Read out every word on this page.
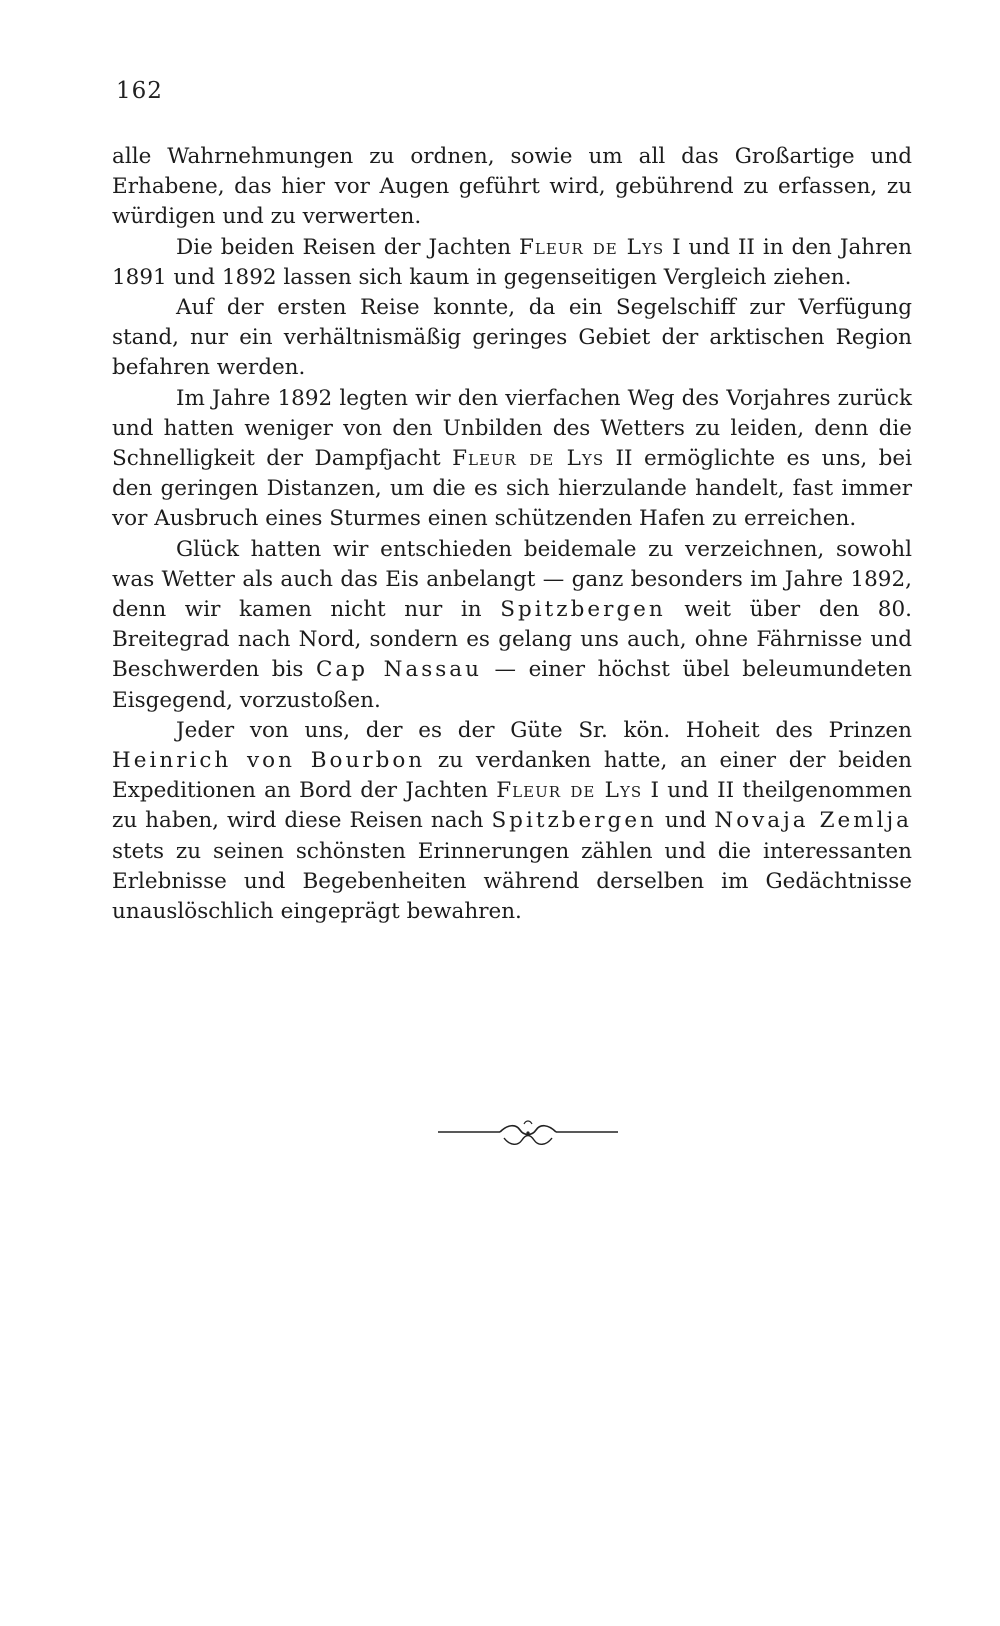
162

alle Wahrnehmungen zu ordnen, sowie um all das Großartige und Erhabene, das hier vor Augen geführt wird, gebührend zu erfassen, zu würdigen und zu verwerten.

Die beiden Reisen der Jachten Fleur de Lys I und II in den Jahren 1891 und 1892 lassen sich kaum in gegenseitigen Vergleich ziehen.

Auf der ersten Reise konnte, da ein Segelschiff zur Verfügung stand, nur ein verhältnismäßig geringes Gebiet der arktischen Region befahren werden.

Im Jahre 1892 legten wir den vierfachen Weg des Vorjahres zurück und hatten weniger von den Unbilden des Wetters zu leiden, denn die Schnelligkeit der Dampfjacht Fleur de Lys II ermöglichte es uns, bei den geringen Distanzen, um die es sich hierzulande handelt, fast immer vor Ausbruch eines Sturmes einen schützenden Hafen zu erreichen.

Glück hatten wir entschieden beidemale zu verzeichnen, sowohl was Wetter als auch das Eis anbelangt — ganz besonders im Jahre 1892, denn wir kamen nicht nur in Spitzbergen weit über den 80. Breitegrad nach Nord, sondern es gelang uns auch, ohne Fährnisse und Beschwerden bis Cap Nassau — einer höchst übel beleumundeten Eisgegend, vorzustoßen.

Jeder von uns, der es der Güte Sr. kön. Hoheit des Prinzen Heinrich von Bourbon zu verdanken hatte, an einer der beiden Expeditionen an Bord der Jachten Fleur de Lys I und II theilgenommen zu haben, wird diese Reisen nach Spitzbergen und Novaja Zemlja stets zu seinen schönsten Erinnerungen zählen und die interessanten Erlebnisse und Begebenheiten während derselben im Gedächtnisse unauslöschlich eingeprägt bewahren.
